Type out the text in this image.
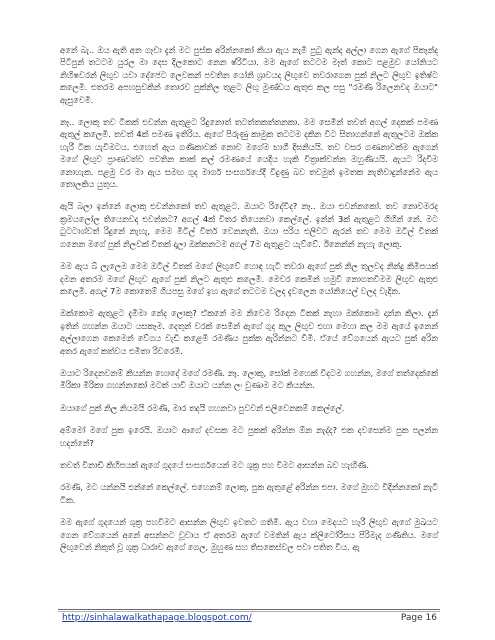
අනේ බැ.. ඔය ඇති අන ගෑවා දැන් මට පුස්ක අරින්නකෝ කියා ඇය නැමී පුටු ඇන්ද අල්ලා ගෙන ඇගේ පිකෑන්ද පිටිපුන් තටටම යුරල මා දෙස දිලකොට නෙන ෂ්රිටියා. මම ඇගේ තටටම මෑත් කොට පළමුව යෝනියට නිහිෂවරන් ලිඟුව යවා දේජෙට ලෙවකන් පවතින යෝනි ශ්‍රාවයද ලිඟුවෙ තවරාගෙන පුක් නිලට ලිඟුව ඉතිෂ්ට කලෙමි. එතරම අපහසුවකින් තොරව පුක්නිල තුළට ලිඟු මුණ්ඩය ඇතුළු කල පසු "රමණී රිලෙනවද ඔයාට" ඇසුවෙමි.

නෑ.. ලොකු තව ටිකක් එවන්න ඇතුළට රිදුනොත් තටත්තකත්තනකා. මම සෙමින් තවත් අගල් දෙකක් පමණ ඇතුල් කලෙමි. තවත් 4ක් පමණ ඉතිරිය. ඇගේ පිරුණු කාමුක තටටම දකින විට සිතාගන්නේ ඇතුලටම ඔක්ක හැරී ටික යැවීමටය. එහෙත් ඇය ගණිකාවක් නොව මගේම භාගී දිඝනියයි. තව වසර ගණනාවක්ම ඇගෙන් මගේ ලිඟුව ප්‍රාණවත්ව පවතින කාක් කල් රමණයේ යෙදිය හැකි විත්‍රාක්වන්න ඔහුණියයි. ඇයට රිදවීම නොහැක. පළමු වර මා ඇය සමඟ ගුද මාර්ග සංසර්ගයේදී විදුණු බව තවමුත් ඉමතක නැතිවාදුන්නේම ඇය තොලකිය යුතුය.

ඇයි බලා ඉන්නේ ලොකු එවන්නකෝ තව ඇතුළට. ඔයාට රිදේවිද? නෑ.. ඔයා එවන්නකෝ. තව නොවමරද ක්‍රමයලෝල තියෙනවද එවන්නට? අගල් 4ක් විතර තියෙනවා කෙල්ලේ. ඉන්න් 3ක් ඇතුළට ගිහින් නේ. මට ටුටටාශ්වත් රිදුනේ නැහැ, මෙම මිටිල් විතර් වෙනනැතී. ඔයා පරිය එලිවට ඇරන් තව මෙම ඔටිල් විතක් ගනෙන මගේ පුක් නිලවක් විතක් දාලා ඔක්කනටම අගල් 7ම ඇතුළට යැව්වේ. ඊනෙන්න් නැහැ ලොකු.

මම ඇය බ් ලැලෙම මෙම ඔටිල් විතක් මගේ ලිඟුවේ හොඳ හැටි තවරා ඇගේ පුක් නිල තුලවද නින්දු කිමිපයක් දමන අතරම මගේ ලිඟුව ඇගේ පුක් නිලට ඇතුළු කලෙමි. මෙවර කෙමින් හමුවී නොගතවිමම ලිඟුව ඇතුළු කලෙමි. අගල් 7ම කොතෙම් ගියපසු මගේ ඉහ ඇගේ තටටම වලද දැවලෙන යෝනියෙල් වලද වැදින.

ඔක්කොම ඇතුළට දැමීමා නේද ලොකු? ඒකනේ මම නිවෙම රිදෙන ටිකක් නැහා ඔක්කොම දාන්න කිලා. දැන් ඉතින් ගහන්න ඔයාට යසකෑම. දෙතුන් වරක් සෙමින් ඇගේ ගුද කුල ලිඟුව එහා මෙහා කල මම ඇයේ ඉනෙන් අල්ලාගෙන කෙමෙන් වේගය වැඩි කළෙමි රමණීය පුක්ක ඇරින්නට වීමි. ඒයේ වේගයෙන් ඇයට පුක් අරින අතර ඇගේ කත්වය එමිතා රිවරෙමි.

ඔයාට රිදෙනවනම් කියන්න හොදේ මගේ රමණී. නෑ. ලොකු, සෝක් මහෙක් විදටම ගහන්න, මගේ තත්දෙක්කේ මිරිකා මිරිකා ගහන්නකෝ මටක් යාවී ඔයාට යන්න ලං වුණාම මට කියන්න.

ඔයාගේ පුක් නිල නියමයි රමණී, මාර තදයි ගහනවා පුවවන් එලිවෙනකම් කෙල්ලේ.

අම්මෝ මගේ පුක ඉරෙයි. ඔයාට ආගේ දවසක මට පුකක් අරින්න ඕන නැද්ද? එක දවසෙන්ම පුක පලන්න හදන්නේ?

තවත් විනාඩි කිහිපයක් ඇගේ ගුදයේ සංසර්ගයෙන් මට ශුක්‍ර පහ වීමට ආසන්න බව හැඟිණි.

රමණී, මට යන්නයි එන්නේ කෙල්ලේ. එහෙනම් ලොකු, පුක ඇතුළේ අරින්න එපා. මගේ මුහට විදින්නකෝ නැටී ටික.

මම ඇගේ ගුදයෙන් ශුක්‍ර පහවීමට ආසන්න ලිඟුව ඉවතට ගතිමි. ඇය වහා මෙදයට හැරී ලිඟුව ඇගේ මුඛයට ගෙන වේගයෙන් අනේ අසන්නට වූවාය ඒ අතරම ඇගේ වමතින් ඇය ක්ලිටෝරීසය පිරිමැද ගණිතිය. මගේ ලිඟුවෙන් නිකුත් වූ ශුක්‍ර ධාරාව ඇගේ ගෙල, මුහුණ සහ තිසකෙස්වල පවා පතිත විය. ඇ

http://sinhalawalkathapage.blogspot.com/	Page 16
